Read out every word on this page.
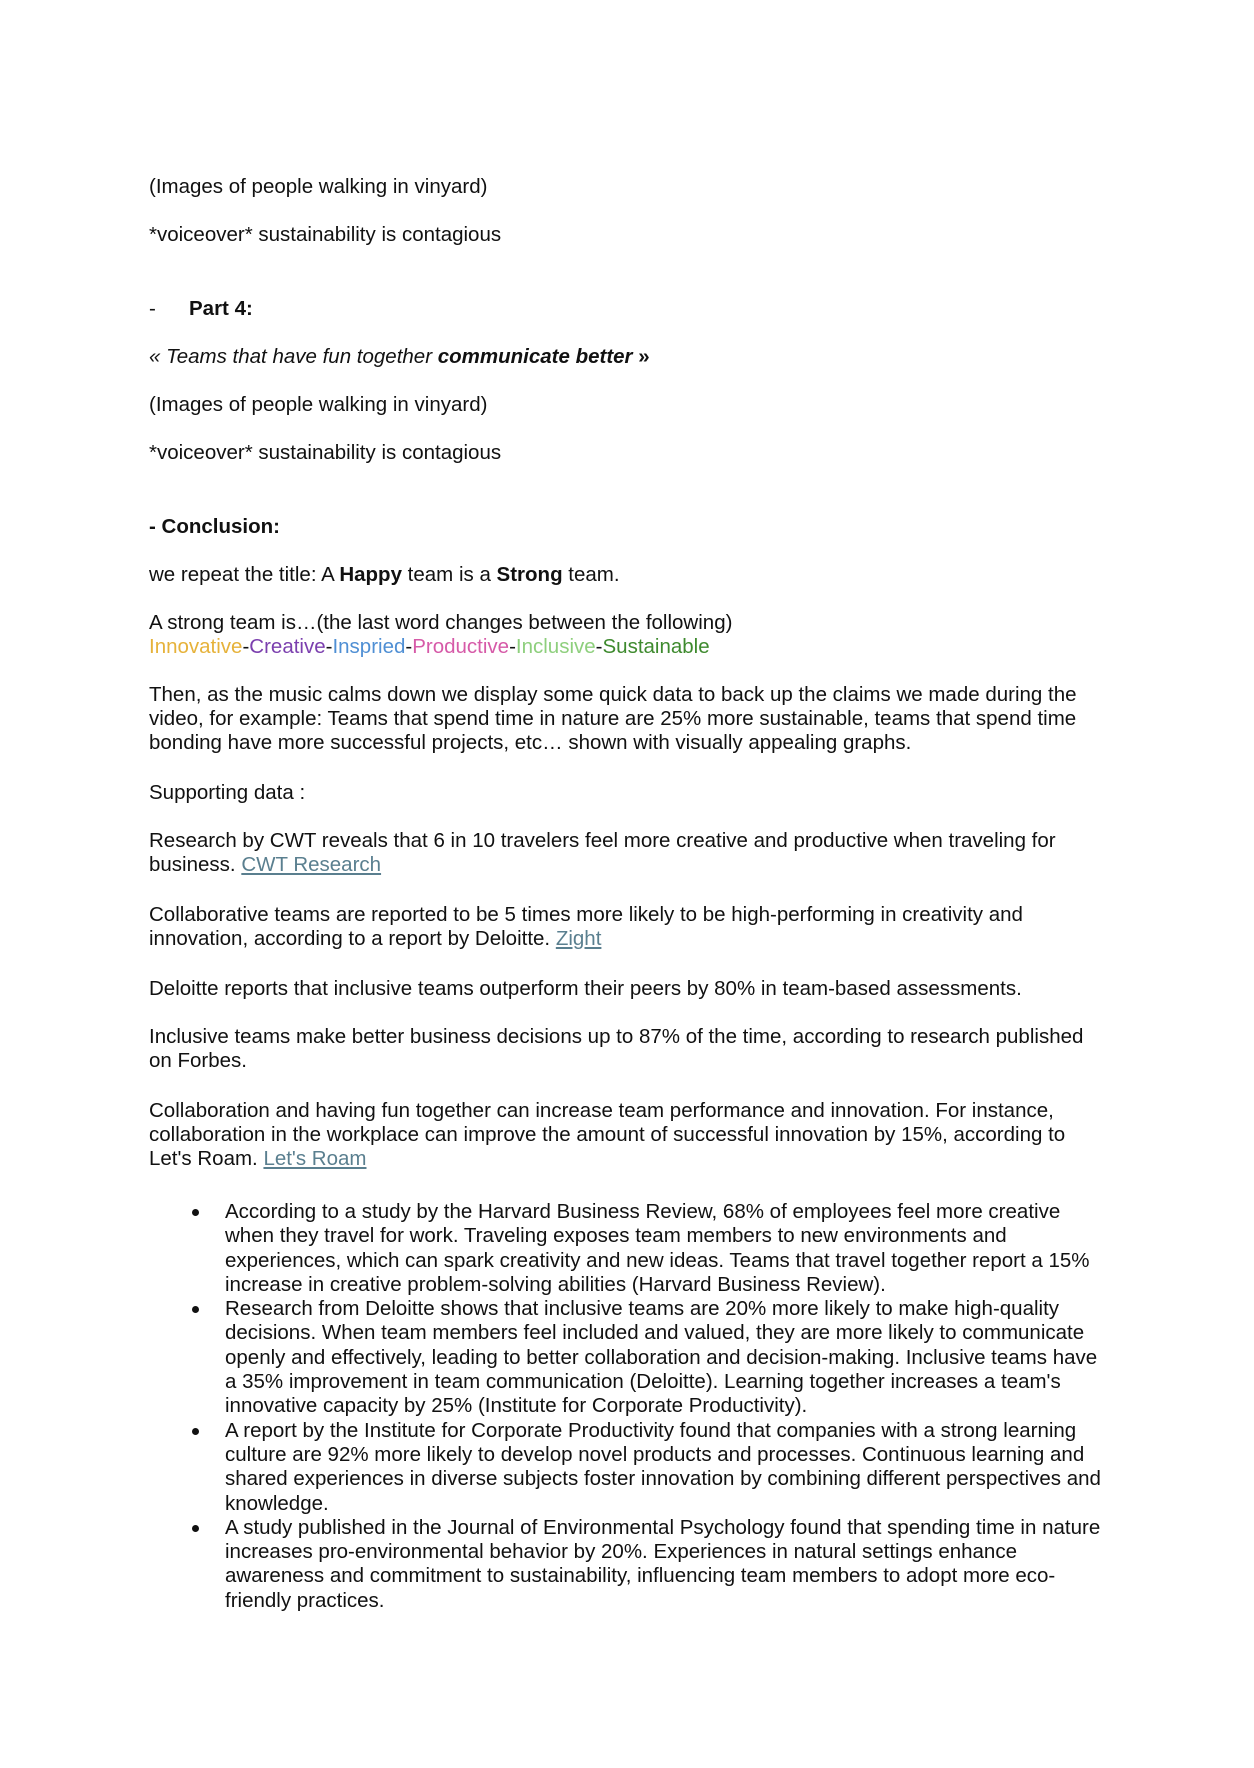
(Images of people walking in vinyard)

*voiceover* sustainability is contagious

- Part 4:

« Teams that have fun together communicate better »

(Images of people walking in vinyard)

*voiceover* sustainability is contagious

- Conclusion:

we repeat the title: A Happy team is a Strong team.

A strong team is…(the last word changes between the following)

Innovative-Creative-Inspried-Productive-Inclusive-Sustainable

Then, as the music calms down we display some quick data to back up the claims we made during the video, for example: Teams that spend time in nature are 25% more sustainable, teams that spend time bonding have more successful projects, etc… shown with visually appealing graphs.

Supporting data :

Research by CWT reveals that 6 in 10 travelers feel more creative and productive when traveling for business. CWT Research

Collaborative teams are reported to be 5 times more likely to be high-performing in creativity and innovation, according to a report by Deloitte. Zight

Deloitte reports that inclusive teams outperform their peers by 80% in team-based assessments.

Inclusive teams make better business decisions up to 87% of the time, according to research published on Forbes.

Collaboration and having fun together can increase team performance and innovation. For instance, collaboration in the workplace can improve the amount of successful innovation by 15%, according to Let's Roam. Let's Roam

According to a study by the Harvard Business Review, 68% of employees feel more creative when they travel for work. Traveling exposes team members to new environments and experiences, which can spark creativity and new ideas. Teams that travel together report a 15% increase in creative problem-solving abilities (Harvard Business Review).
Research from Deloitte shows that inclusive teams are 20% more likely to make high-quality decisions. When team members feel included and valued, they are more likely to communicate openly and effectively, leading to better collaboration and decision-making. Inclusive teams have a 35% improvement in team communication (Deloitte). Learning together increases a team's innovative capacity by 25% (Institute for Corporate Productivity).
A report by the Institute for Corporate Productivity found that companies with a strong learning culture are 92% more likely to develop novel products and processes. Continuous learning and shared experiences in diverse subjects foster innovation by combining different perspectives and knowledge.
A study published in the Journal of Environmental Psychology found that spending time in nature increases pro-environmental behavior by 20%. Experiences in natural settings enhance awareness and commitment to sustainability, influencing team members to adopt more eco-friendly practices.
